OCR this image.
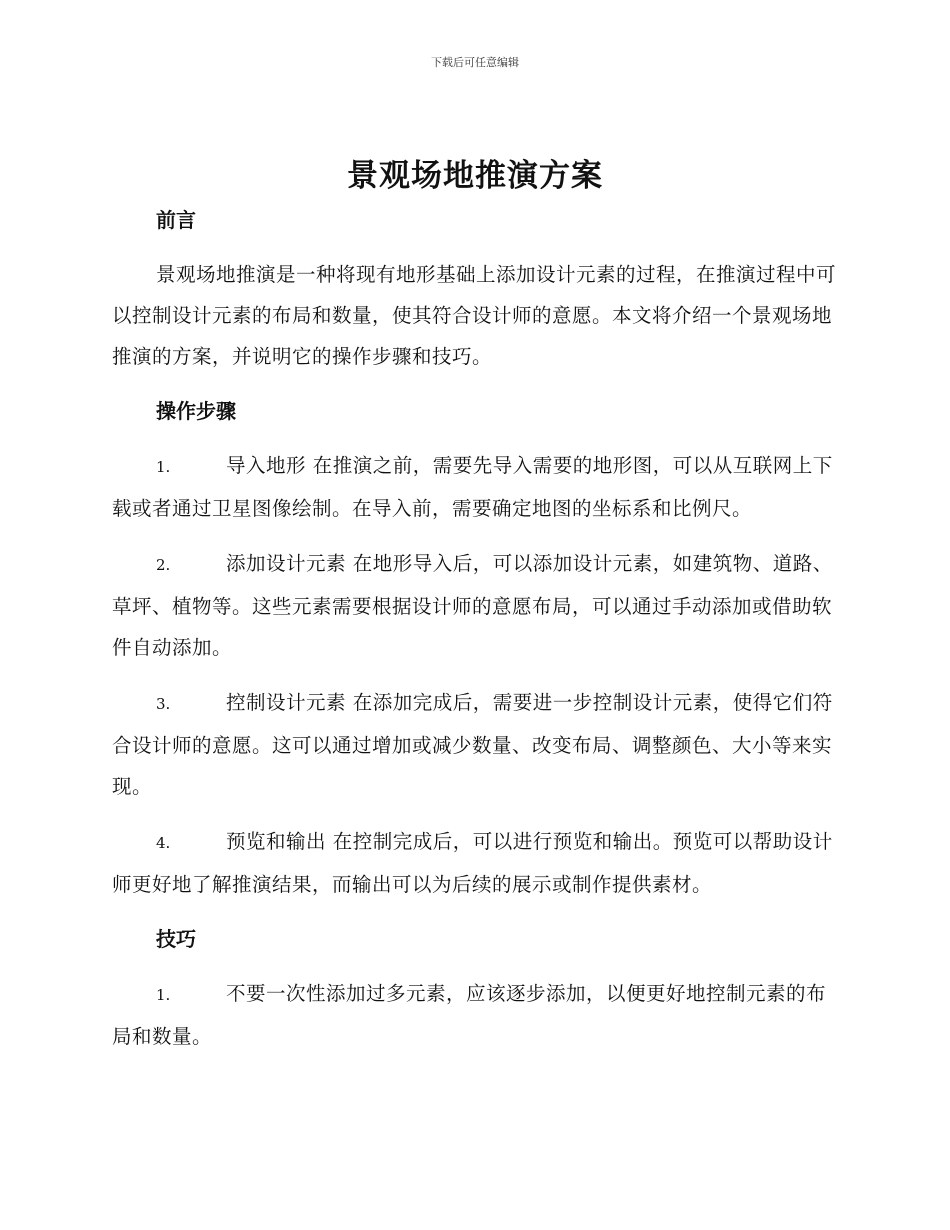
下载后可任意编辑
景观场地推演方案
前言
景观场地推演是一种将现有地形基础上添加设计元素的过程，在推演过程中可以控制设计元素的布局和数量，使其符合设计师的意愿。本文将介绍一个景观场地推演的方案，并说明它的操作步骤和技巧。
操作步骤
1.	导入地形 在推演之前，需要先导入需要的地形图，可以从互联网上下载或者通过卫星图像绘制。在导入前，需要确定地图的坐标系和比例尺。
2.	添加设计元素 在地形导入后，可以添加设计元素，如建筑物、道路、草坪、植物等。这些元素需要根据设计师的意愿布局，可以通过手动添加或借助软件自动添加。
3.	控制设计元素 在添加完成后，需要进一步控制设计元素，使得它们符合设计师的意愿。这可以通过增加或减少数量、改变布局、调整颜色、大小等来实现。
4.	预览和输出 在控制完成后，可以进行预览和输出。预览可以帮助设计师更好地了解推演结果，而输出可以为后续的展示或制作提供素材。
技巧
1.	不要一次性添加过多元素，应该逐步添加，以便更好地控制元素的布局和数量。
